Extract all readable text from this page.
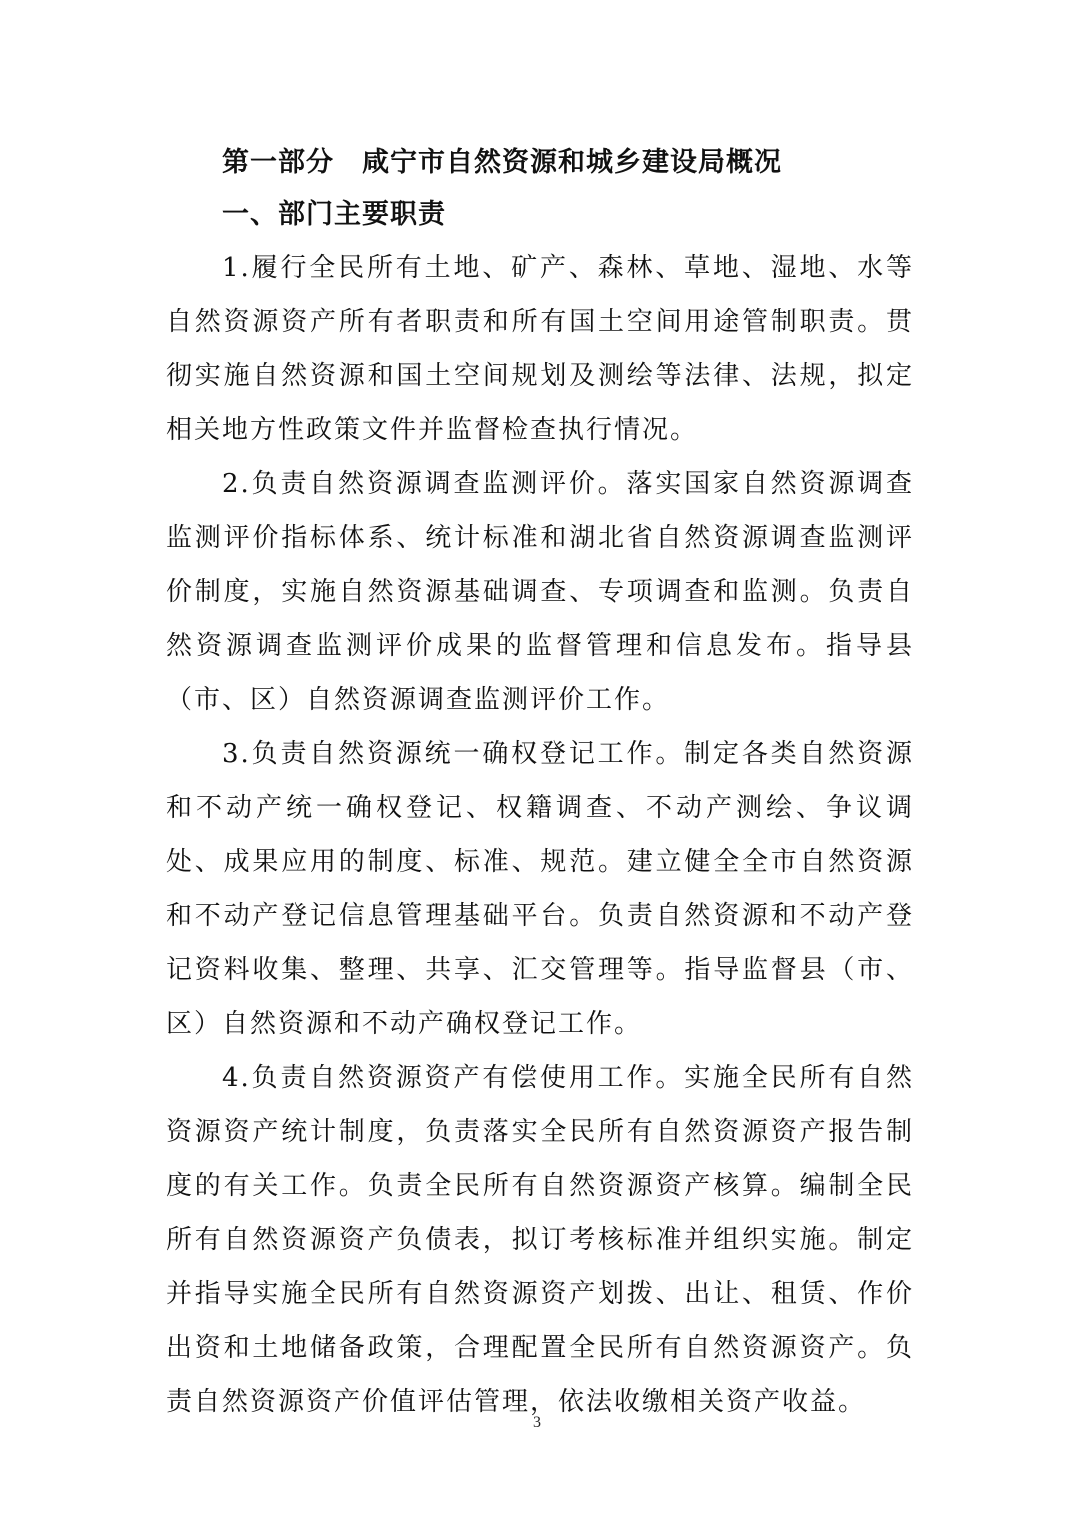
第一部分 咸宁市自然资源和城乡建设局概况
一、部门主要职责

1.履行全民所有土地、矿产、森林、草地、湿地、水等自然资源资产所有者职责和所有国土空间用途管制职责。贯彻实施自然资源和国土空间规划及测绘等法律、法规，拟定相关地方性政策文件并监督检查执行情况。

2.负责自然资源调查监测评价。落实国家自然资源调查监测评价指标体系、统计标准和湖北省自然资源调查监测评价制度，实施自然资源基础调查、专项调查和监测。负责自然资源调查监测评价成果的监督管理和信息发布。指导县（市、区）自然资源调查监测评价工作。

3.负责自然资源统一确权登记工作。制定各类自然资源和不动产统一确权登记、权籍调查、不动产测绘、争议调处、成果应用的制度、标准、规范。建立健全全市自然资源和不动产登记信息管理基础平台。负责自然资源和不动产登记资料收集、整理、共享、汇交管理等。指导监督县（市、区）自然资源和不动产确权登记工作。

4.负责自然资源资产有偿使用工作。实施全民所有自然资源资产统计制度，负责落实全民所有自然资源资产报告制度的有关工作。负责全民所有自然资源资产核算。编制全民所有自然资源资产负债表，拟订考核标准并组织实施。制定并指导实施全民所有自然资源资产划拨、出让、租赁、作价出资和土地储备政策，合理配置全民所有自然资源资产。负责自然资源资产价值评估管理，依法收缴相关资产收益。

3
